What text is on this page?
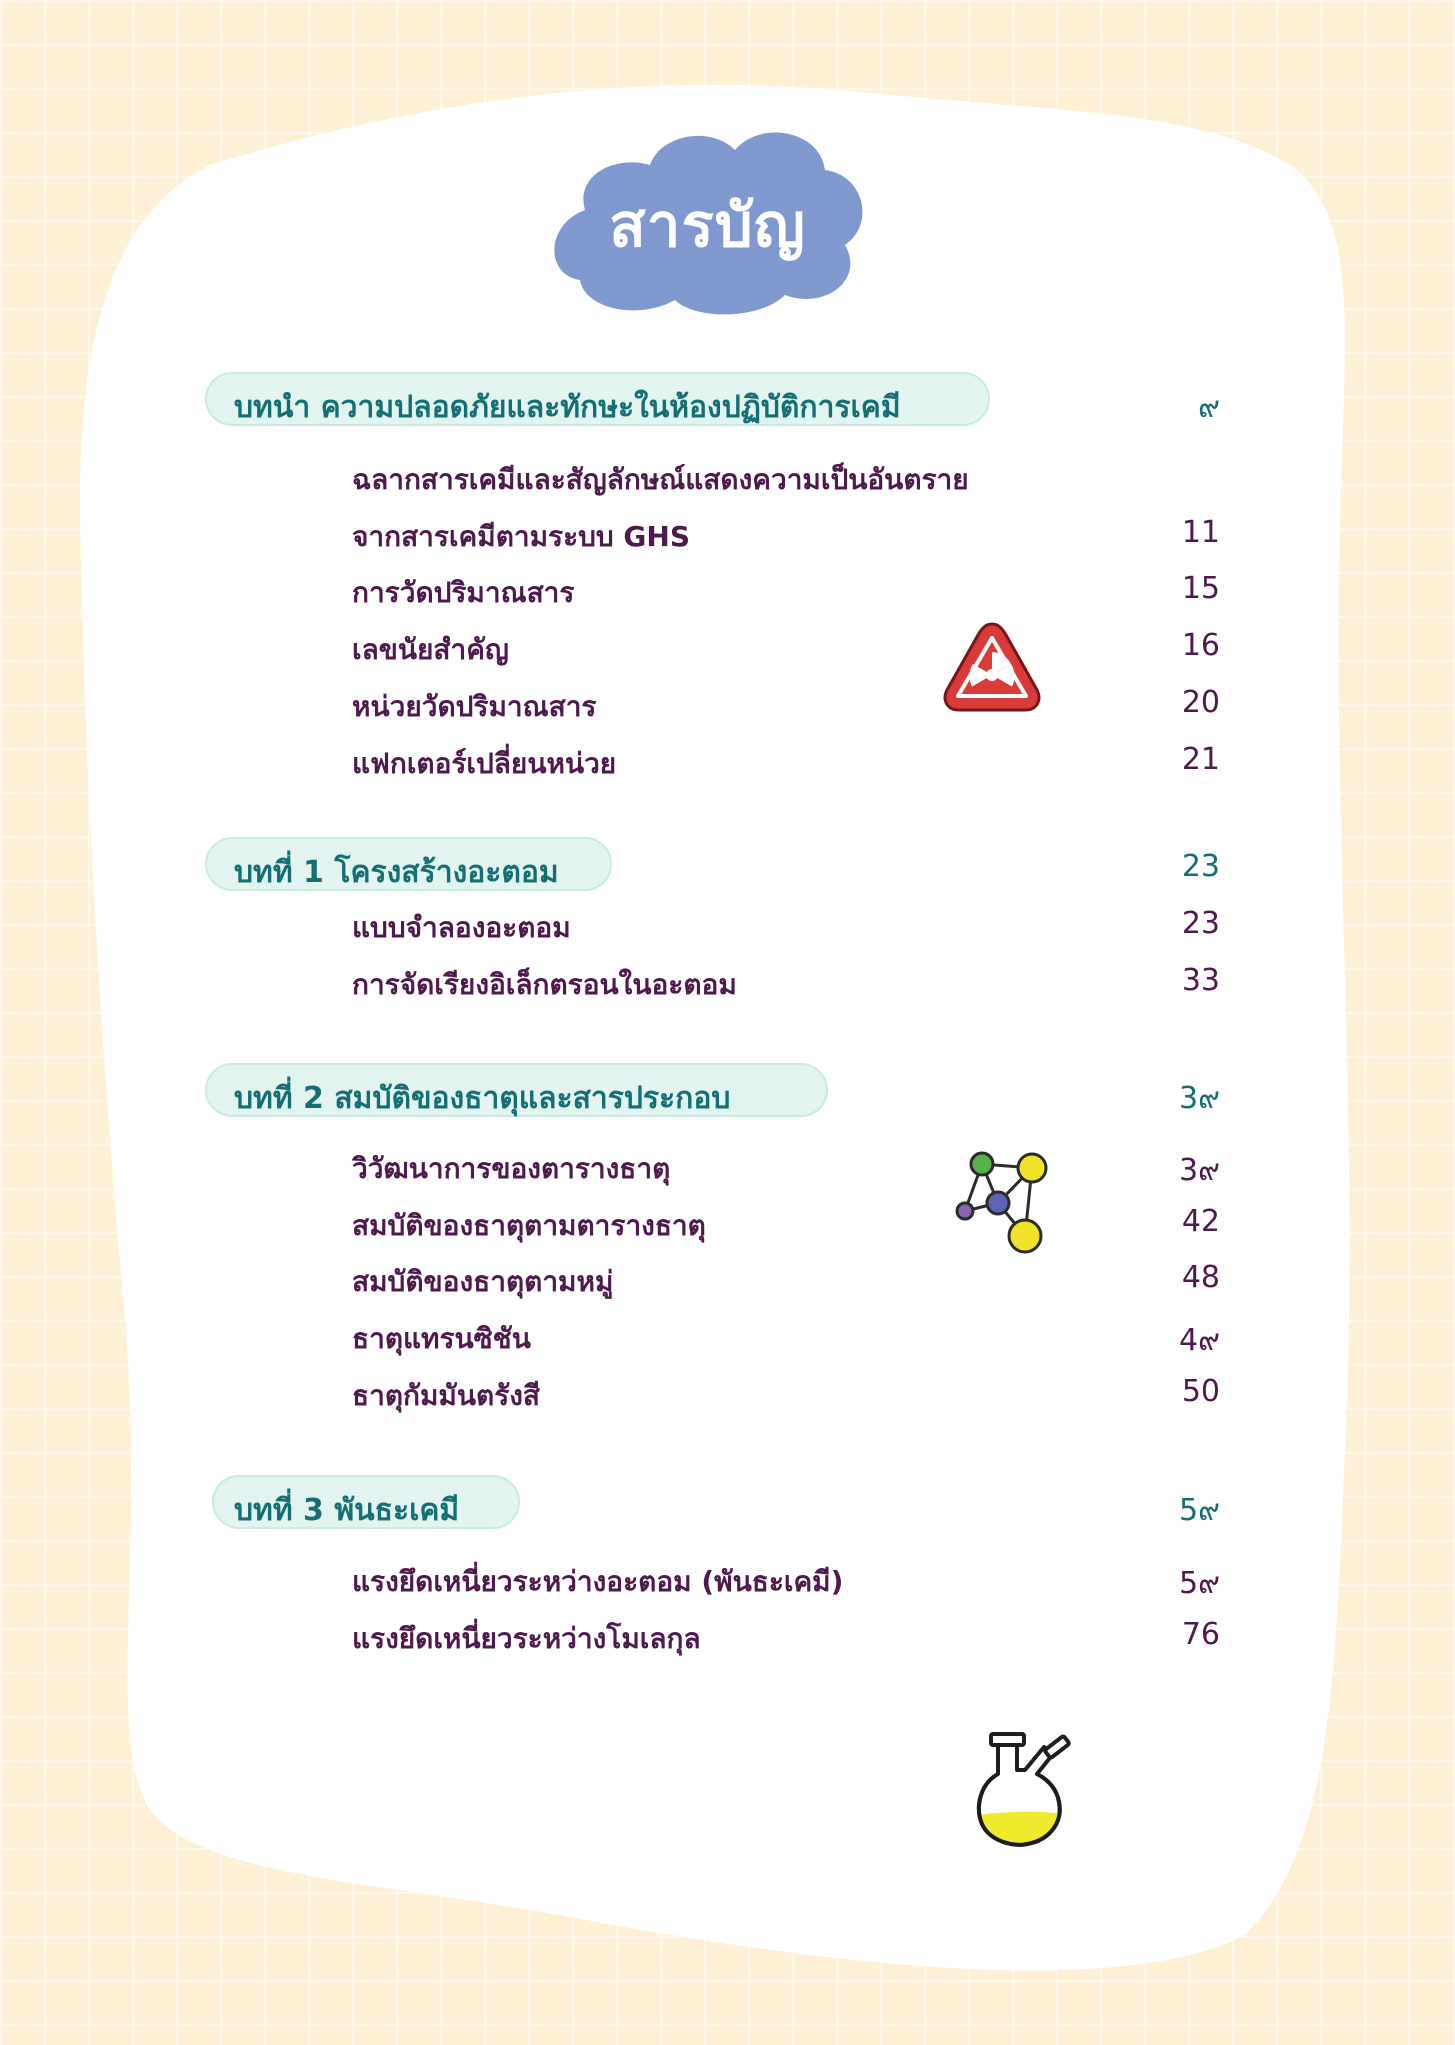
สารบัญ
บทนำ ความปลอดภัยและทักษะในห้องปฏิบัติการเคมี	๙
ฉลากสารเคมีและสัญลักษณ์แสดงความเป็นอันตราย
จากสารเคมีตามระบบ GHS	11
การวัดปริมาณสาร	15
เลขนัยสำคัญ	16
หน่วยวัดปริมาณสาร	20
แฟกเตอร์เปลี่ยนหน่วย	21
บทที่ 1 โครงสร้างอะตอม	23
แบบจำลองอะตอม	23
การจัดเรียงอิเล็กตรอนในอะตอม	33
บทที่ 2 สมบัติของธาตุและสารประกอบ	3๙
วิวัฒนาการของตารางธาตุ	3๙
สมบัติของธาตุตามตารางธาตุ	42
สมบัติของธาตุตามหมู่	48
ธาตุแทรนซิชัน	4๙
ธาตุกัมมันตรังสี	50
บทที่ 3 พันธะเคมี	5๙
แรงยึดเหนี่ยวระหว่างอะตอม (พันธะเคมี)	5๙
แรงยึดเหนี่ยวระหว่างโมเลกุล	76
